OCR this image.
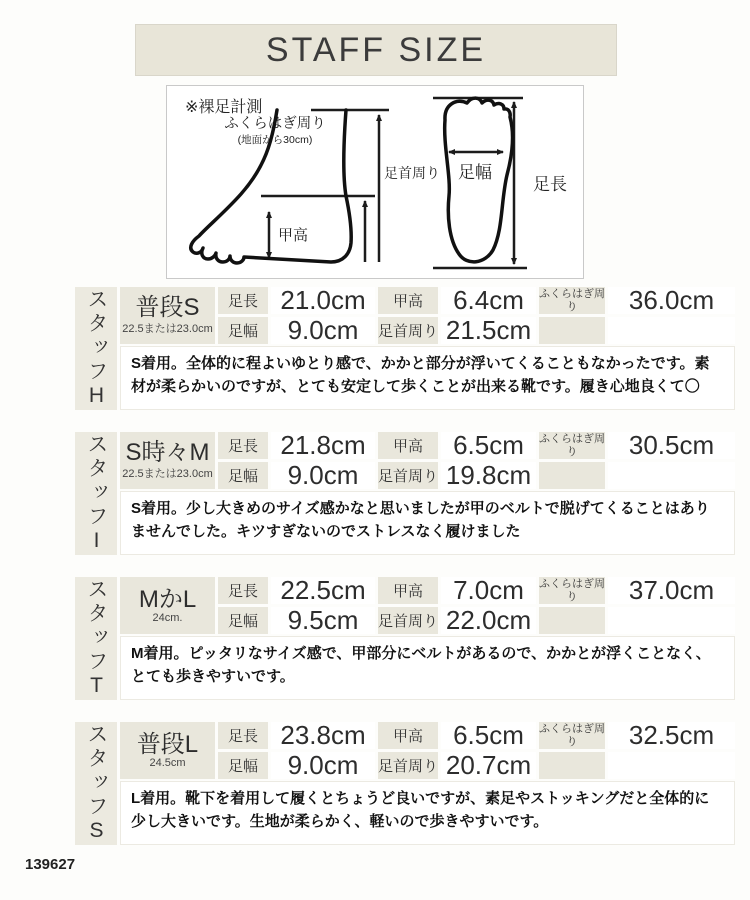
STAFF SIZE
※裸足計測
ふくらはぎ周り
(地面から30cm)
足首周り
甲高
足長
足幅
スタッフH 普段S
22.5または23.0cm
足長 21.0cm	甲高	6.4cm	ふくらはぎ周り	36.0cm
足幅	9.0cm	足首周り 21.5cm
S着用。全体的に程よいゆとり感で、かかと部分が浮いてくることもなかったです。素材が柔らかいのですが、とても安定して歩くことが出来る靴です。履き心地良くて〇
スタッフI S時々M
22.5または23.0cm
足長 21.8cm	甲高	6.5cm	ふくらはぎ周り	30.5cm
足幅	9.0cm	足首周り 19.8cm
S着用。少し大きめのサイズ感かなと思いましたが甲のベルトで脱げてくることはありませんでした。キツすぎないのでストレスなく履けました
スタッフT MかL
24cm.
足長 22.5cm	甲高	7.0cm	ふくらはぎ周り	37.0cm
足幅	9.5cm	足首周り 22.0cm
M着用。ピッタリなサイズ感で、甲部分にベルトがあるので、かかとが浮くことなく、とても歩きやすいです。
スタッフS 普段L
24.5cm
足長 23.8cm	甲高	6.5cm	ふくらはぎ周り	32.5cm
足幅	9.0cm	足首周り 20.7cm
L着用。靴下を着用して履くとちょうど良いですが、素足やストッキングだと全体的に少し大きいです。生地が柔らかく、軽いので歩きやすいです。
139627
